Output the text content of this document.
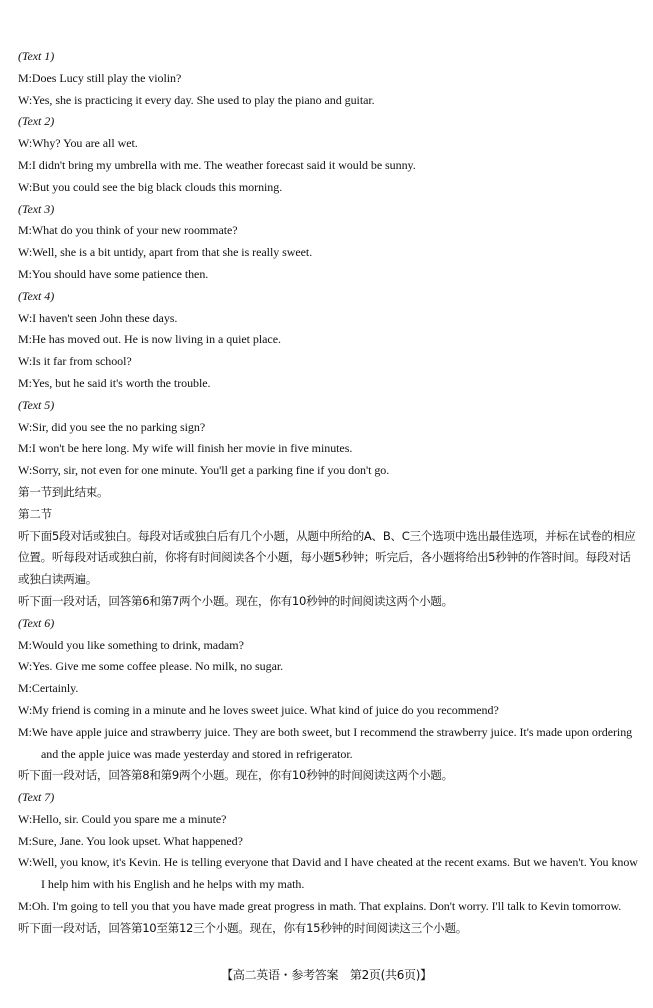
(Text 1)
M:Does Lucy still play the violin?
W:Yes, she is practicing it every day. She used to play the piano and guitar.
(Text 2)
W:Why? You are all wet.
M:I didn't bring my umbrella with me. The weather forecast said it would be sunny.
W:But you could see the big black clouds this morning.
(Text 3)
M:What do you think of your new roommate?
W:Well, she is a bit untidy, apart from that she is really sweet.
M:You should have some patience then.
(Text 4)
W:I haven't seen John these days.
M:He has moved out. He is now living in a quiet place.
W:Is it far from school?
M:Yes, but he said it's worth the trouble.
(Text 5)
W:Sir, did you see the no parking sign?
M:I won't be here long. My wife will finish her movie in five minutes.
W:Sorry, sir, not even for one minute. You'll get a parking fine if you don't go.
第一节到此结束。
第二节
听下面5段对话或独白。每段对话或独白后有几个小题，从题中所给的A、B、C三个选项中选出最佳选项，并标在试卷的相应位置。听每段对话或独白前，你将有时间阅读各个小题，每小题5秒钟；听完后，各小题将给出5秒钟的作答时间。每段对话或独白读两遍。
听下面一段对话，回答第6和第7两个小题。现在，你有10秒钟的时间阅读这两个小题。
(Text 6)
M:Would you like something to drink, madam?
W:Yes. Give me some coffee please. No milk, no sugar.
M:Certainly.
W:My friend is coming in a minute and he loves sweet juice. What kind of juice do you recommend?
M:We have apple juice and strawberry juice. They are both sweet, but I recommend the strawberry juice. It's made upon ordering and the apple juice was made yesterday and stored in refrigerator.
听下面一段对话，回答第8和第9两个小题。现在，你有10秒钟的时间阅读这两个小题。
(Text 7)
W:Hello, sir. Could you spare me a minute?
M:Sure, Jane. You look upset. What happened?
W:Well, you know, it's Kevin. He is telling everyone that David and I have cheated at the recent exams. But we haven't. You know I help him with his English and he helps with my math.
M:Oh. I'm going to tell you that you have made great progress in math. That explains. Don't worry. I'll talk to Kevin tomorrow.
听下面一段对话，回答第10至第12三个小题。现在，你有15秒钟的时间阅读这三个小题。
【高二英语・参考答案　第2页(共6页)】
